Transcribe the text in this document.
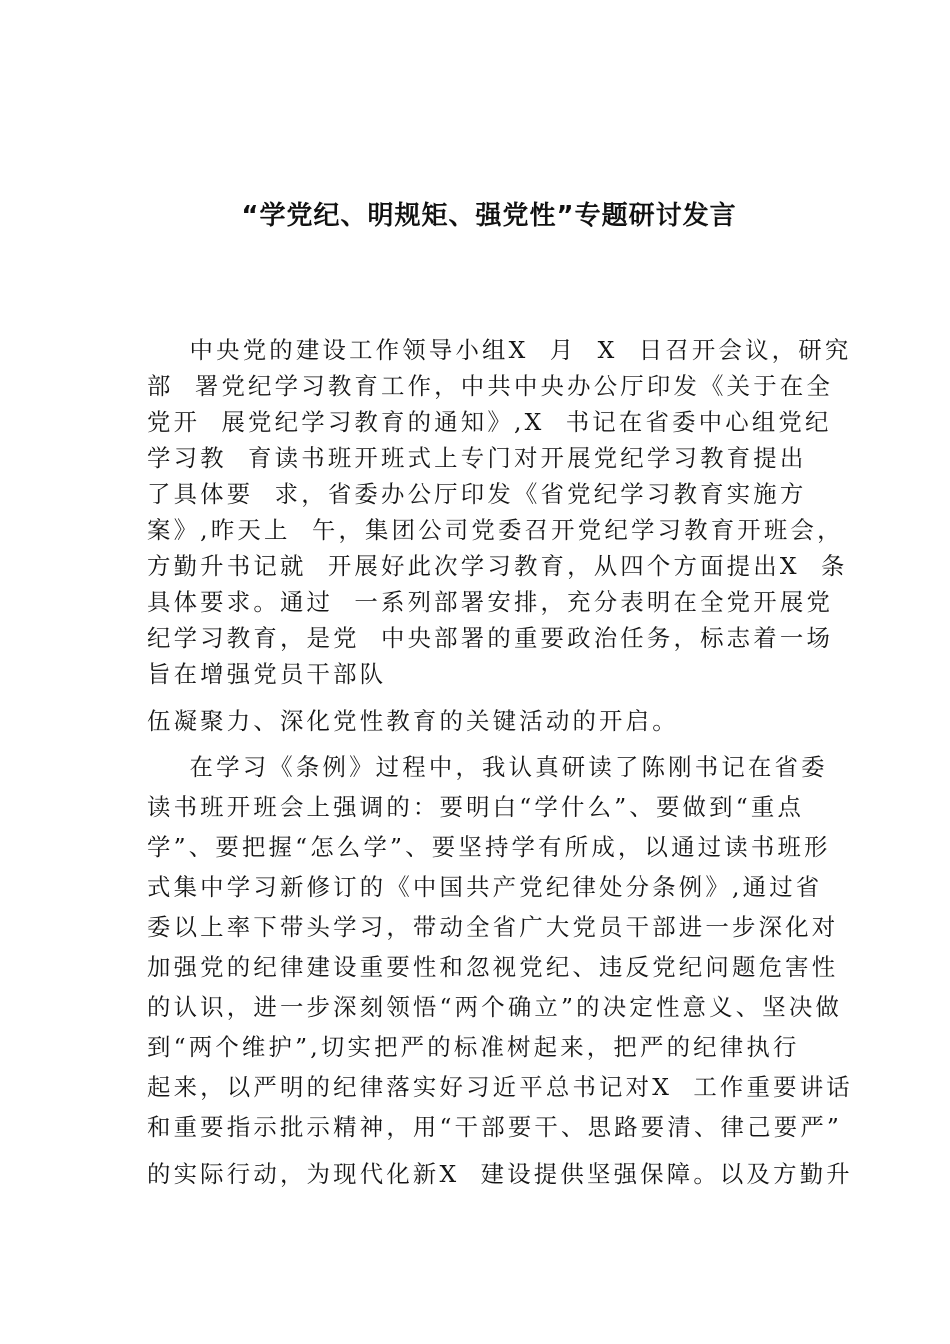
“学党纪、明规矩、强党性”专题研讨发言
中央党的建设工作领导小组X  月  X  日召开会议，研究
部  署党纪学习教育工作，中共中央办公厅印发《关于在全
党开  展党纪学习教育的通知》,X  书记在省委中心组党纪
学习教  育读书班开班式上专门对开展党纪学习教育提出
了具体要  求，省委办公厅印发《省党纪学习教育实施方
案》,昨天上  午，集团公司党委召开党纪学习教育开班会，
方勤升书记就  开展好此次学习教育，从四个方面提出X  条
具体要求。通过  一系列部署安排，充分表明在全党开展党
纪学习教育，是党  中央部署的重要政治任务，标志着一场
旨在增强党员干部队
伍凝聚力、深化党性教育的关键活动的开启。
在学习《条例》过程中，我认真研读了陈刚书记在省委
读书班开班会上强调的：要明白“学什么”、要做到“重点
学”、要把握“怎么学”、要坚持学有所成，以通过读书班形
式集中学习新修订的《中国共产党纪律处分条例》,通过省
委以上率下带头学习，带动全省广大党员干部进一步深化对
加强党的纪律建设重要性和忽视党纪、违反党纪问题危害性
的认识，进一步深刻领悟“两个确立”的决定性意义、坚决做
到“两个维护”,切实把严的标准树起来，把严的纪律执行
起来，以严明的纪律落实好习近平总书记对X  工作重要讲话
和重要指示批示精神，用“干部要干、思路要清、律己要严”
的实际行动，为现代化新X  建设提供坚强保障。以及方勤升
